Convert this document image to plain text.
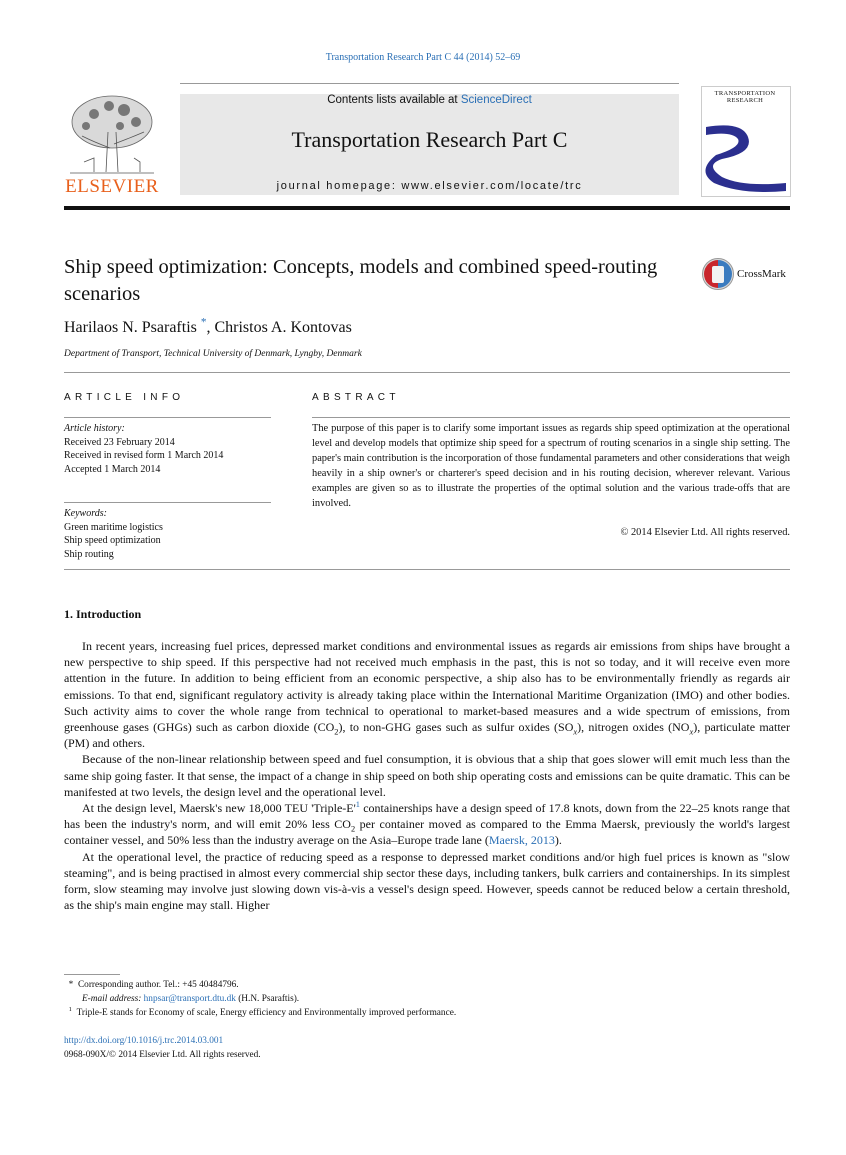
Transportation Research Part C 44 (2014) 52–69
ELSEVIER
Contents lists available at ScienceDirect
Transportation Research Part C
journal homepage: www.elsevier.com/locate/trc
TRANSPORTATION RESEARCH
Ship speed optimization: Concepts, models and combined speed-routing scenarios
CrossMark
Harilaos N. Psaraftis *, Christos A. Kontovas
Department of Transport, Technical University of Denmark, Lyngby, Denmark
ARTICLE INFO	ABSTRACT
Article history:
Received 23 February 2014
Received in revised form 1 March 2014
Accepted 1 March 2014
Keywords:
Green maritime logistics
Ship speed optimization
Ship routing
The purpose of this paper is to clarify some important issues as regards ship speed optimization at the operational level and develop models that optimize ship speed for a spectrum of routing scenarios in a single ship setting. The paper's main contribution is the incorporation of those fundamental parameters and other considerations that weigh heavily in a ship owner's or charterer's speed decision and in his routing decision, wherever relevant. Various examples are given so as to illustrate the properties of the optimal solution and the various trade-offs that are involved.
© 2014 Elsevier Ltd. All rights reserved.
1. Introduction

In recent years, increasing fuel prices, depressed market conditions and environmental issues as regards air emissions from ships have brought a new perspective to ship speed. If this perspective had not received much emphasis in the past, this is not so today, and it will receive even more attention in the future. In addition to being efficient from an economic perspective, a ship also has to be environmentally friendly as regards air emissions. To that end, significant regulatory activity is already taking place within the International Maritime Organization (IMO) and other bodies. Such activity aims to cover the whole range from technical to operational to market-based measures and a wide spectrum of emissions, from greenhouse gases (GHGs) such as carbon dioxide $(CO_2)$, to non-GHG gases such as sulfur oxides $(SO_x)$, nitrogen oxides $(NO_x)$, particulate matter (PM) and others.

Because of the non-linear relationship between speed and fuel consumption, it is obvious that a ship that goes slower will emit much less than the same ship going faster. It that sense, the impact of a change in ship speed on both ship operating costs and emissions can be quite dramatic. This can be manifested at two levels, the design level and the operational level.

At the design level, Maersk's new 18,000 TEU '$Triple-E'^1$ containerships have a design speed of 17.8 knots, down from the 22–25 knots range that has been the industry's norm, and will emit 20% less $CO_2$ per container moved as compared to the Emma Maersk, previously the world's largest container vessel, and 50% less than the industry average on the Asia–Europe trade lane (Maersk, 2013).

At the operational level, the practice of reducing speed as a response to depressed market conditions and/or high fuel prices is known as "slow steaming", and is being practised in almost every commercial ship sector these days, including tankers, bulk carriers and containerships. In its simplest form, slow steaming may involve just slowing down vis-à-vis a vessel's design speed. However, speeds cannot be reduced below a certain threshold, as the ship's main engine may stall. Higher

* Corresponding author. Tel.: +45 40484796.
E-mail address: hnpsar@transport.dtu.dk (H.N. Psaraftis).
$^1$ Triple-E stands for Economy of scale, Energy efficiency and Environmentally improved performance.
http://dx.doi.org/10.1016/j.trc.2014.03.001
0968-090X/© 2014 Elsevier Ltd. All rights reserved.
